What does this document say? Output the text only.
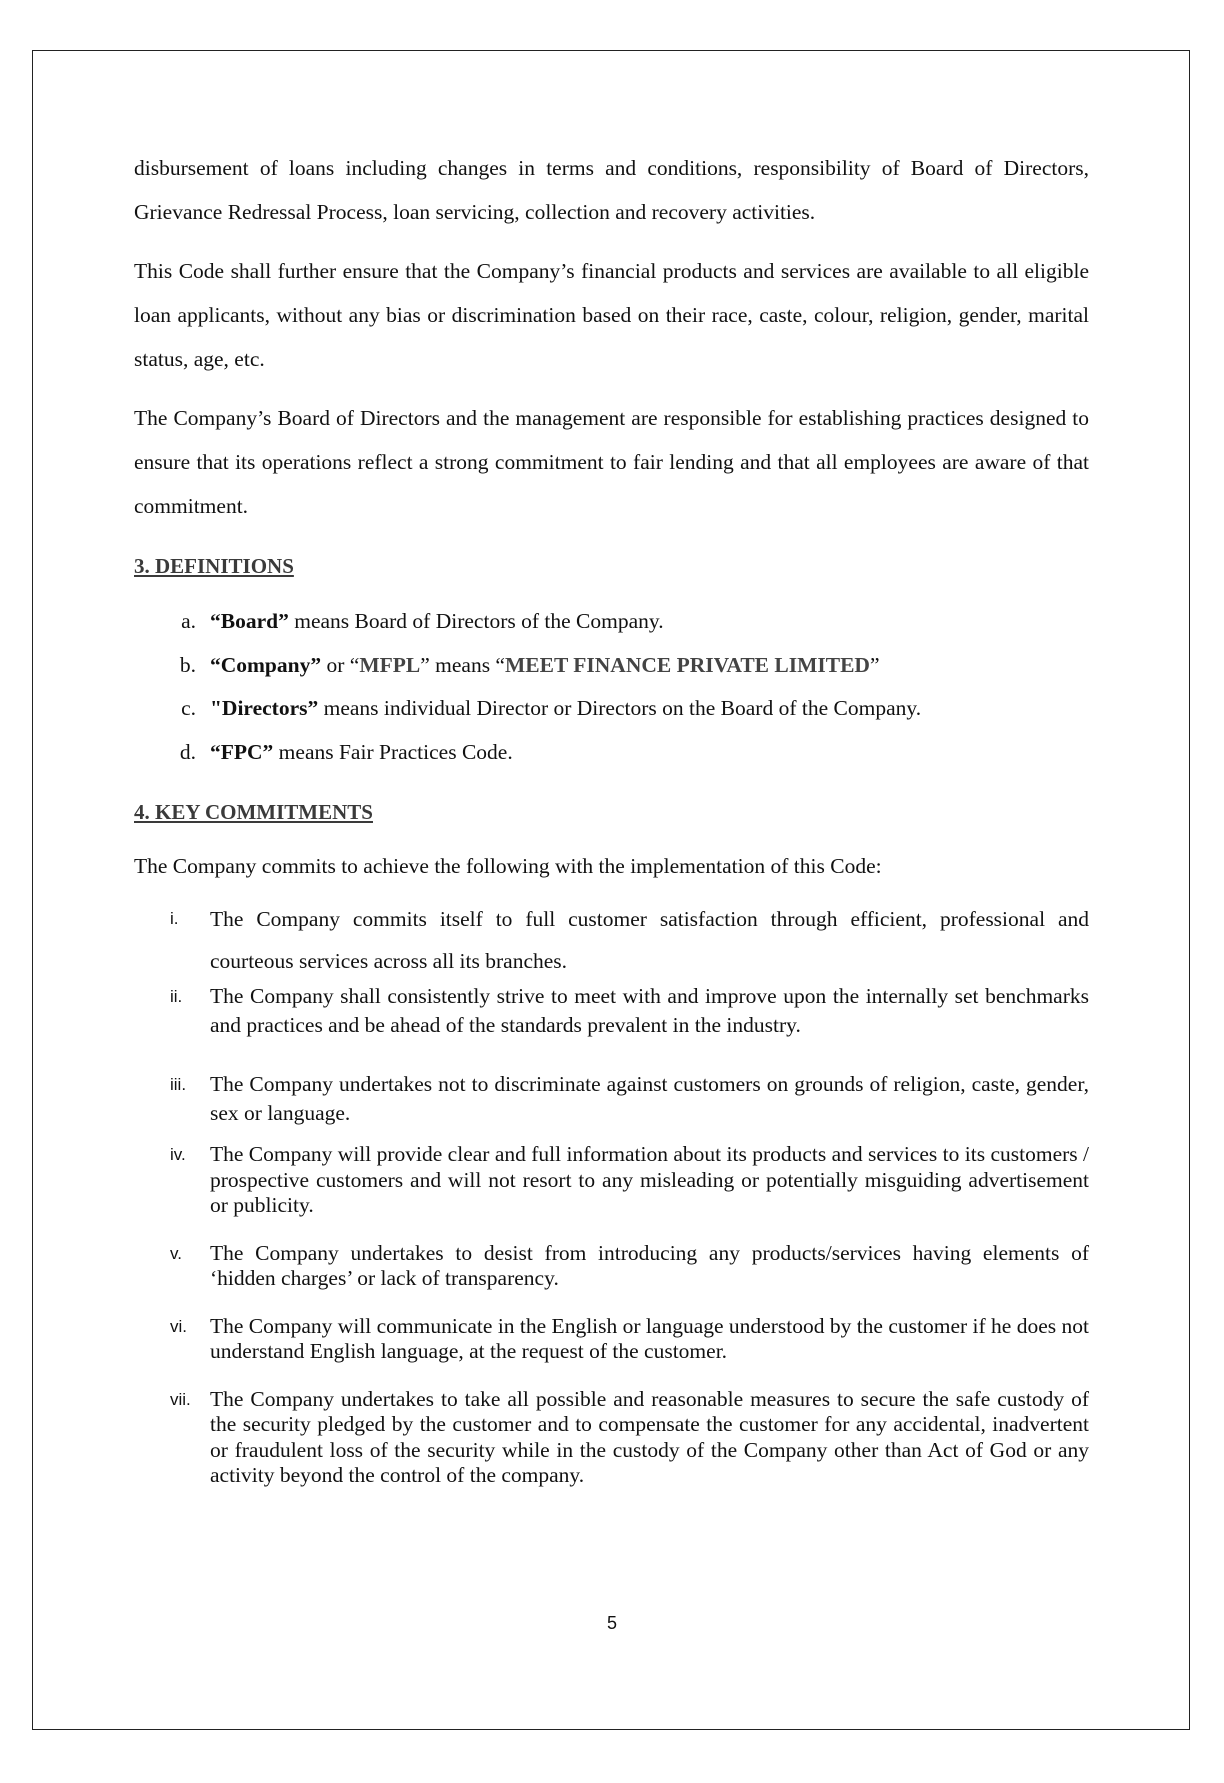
disbursement of loans including changes in terms and conditions, responsibility of Board of Directors, Grievance Redressal Process, loan servicing, collection and recovery activities.

This Code shall further ensure that the Company’s financial products and services are available to all eligible loan applicants, without any bias or discrimination based on their race, caste, colour, religion, gender, marital status, age, etc.

The Company’s Board of Directors and the management are responsible for establishing practices designed to ensure that its operations reflect a strong commitment to fair lending and that all employees are aware of that commitment.

3. DEFINITIONS
a. “Board” means Board of Directors of the Company.
b. “Company” or “MFPL” means “MEET FINANCE PRIVATE LIMITED”
c. "Directors” means individual Director or Directors on the Board of the Company.
d. “FPC” means Fair Practices Code.
4. KEY COMMITMENTS

The Company commits to achieve the following with the implementation of this Code:

i.	The Company commits itself to full customer satisfaction through efficient, professional and courteous services across all its branches.
ii.	The Company shall consistently strive to meet with and improve upon the internally set benchmarks and practices and be ahead of the standards prevalent in the industry.
iii.	The Company undertakes not to discriminate against customers on grounds of religion, caste, gender, sex or language.
iv.	The Company will provide clear and full information about its products and services to its customers / prospective customers and will not resort to any misleading or potentially misguiding advertisement or publicity.
v.	The Company undertakes to desist from introducing any products/services having elements of ‘hidden charges’ or lack of transparency.
vi.	The Company will communicate in the English or language understood by the customer if he does not understand English language, at the request of the customer.
vii. The Company undertakes to take all possible and reasonable measures to secure the safe custody of the security pledged by the customer and to compensate the customer for any accidental, inadvertent or fraudulent loss of the security while in the custody of the Company other than Act of God or any activity beyond the control of the company.
5
